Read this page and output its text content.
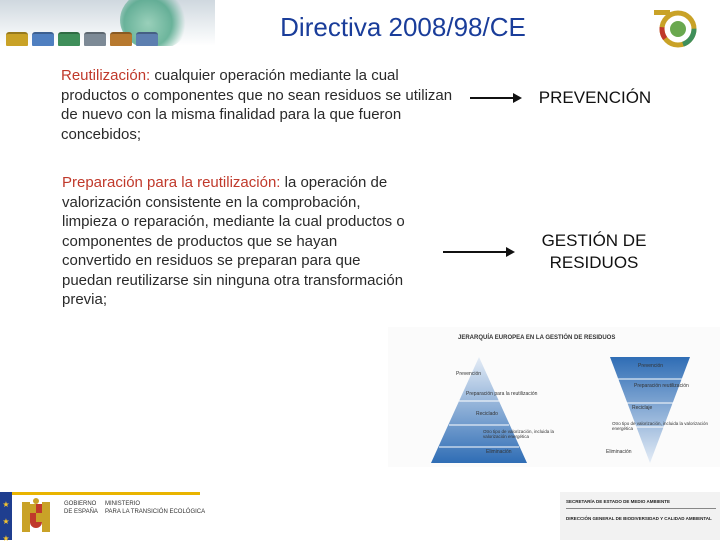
Directiva 2008/98/CE

Reutilización: cualquier operación mediante la cual productos o componentes que no sean residuos se utilizan de nuevo con la misma finalidad para la que fueron concebidos;

PREVENCIÓN

Preparación para la reutilización: la operación de valorización consistente en la comprobación, limpieza o reparación, mediante la cual productos o componentes de productos que se hayan convertido en residuos se preparan para que puedan reutilizarse sin ninguna otra transformación previa;

GESTIÓN DE RESIDUOS
JERARQUÍA EUROPEA EN LA GESTIÓN DE RESIDUOS
Prevención
Preparación para la reutilización
Reciclado
Otro tipo de valorización, incluida la valorización energética
Eliminación
Prevención
Preparación reutilización
Reciclaje
Otro tipo de valorización, incluida la valorización energética
Eliminación
★
★
★
GOBIERNO
DE ESPAÑA
MINISTERIO
PARA LA TRANSICIÓN ECOLÓGICA
SECRETARÍA DE ESTADO DE MEDIO AMBIENTE
DIRECCIÓN GENERAL DE BIODIVERSIDAD Y CALIDAD AMBIENTAL
